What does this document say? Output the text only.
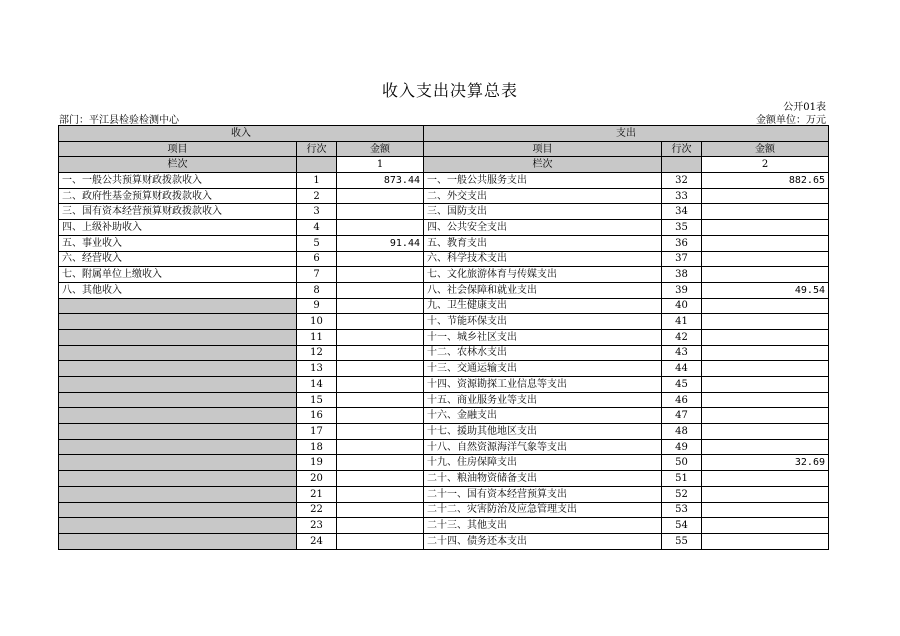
收入支出决算总表
公开01表
部门：平江县检验检测中心	金额单位：万元
收入			支出		
项目	行次	金额	项目	行次	金额
栏次		1	栏次		2
一、一般公共预算财政拨款收入	1	873.44	一、一般公共服务支出	32	882.65
二、政府性基金预算财政拨款收入	2		二、外交支出	33	
三、国有资本经营预算财政拨款收入	3		三、国防支出	34	
四、上级补助收入	4		四、公共安全支出	35	
五、事业收入	5	91.44	五、教育支出	36	
六、经营收入	6		六、科学技术支出	37	
七、附属单位上缴收入	7		七、文化旅游体育与传媒支出	38	
八、其他收入	8		八、社会保障和就业支出	39	49.54
	9		九、卫生健康支出	40	
	10		十、节能环保支出	41	
	11		十一、城乡社区支出	42	
	12		十二、农林水支出	43	
	13		十三、交通运输支出	44	
	14		十四、资源勘探工业信息等支出	45	
	15		十五、商业服务业等支出	46	
	16		十六、金融支出	47	
	17		十七、援助其他地区支出	48	
	18		十八、自然资源海洋气象等支出	49	
	19		十九、住房保障支出	50	32.69
	20		二十、粮油物资储备支出	51	
	21		二十一、国有资本经营预算支出	52	
	22		二十二、灾害防治及应急管理支出	53	
	23		二十三、其他支出	54	
	24		二十四、债务还本支出	55	
